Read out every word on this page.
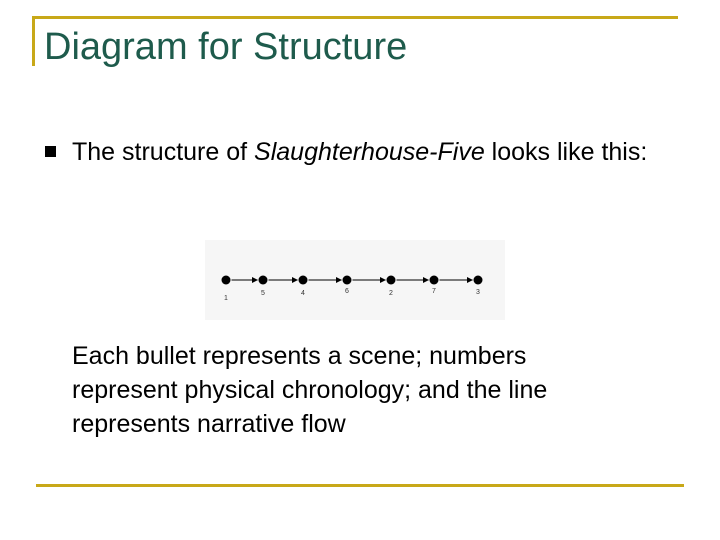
Diagram for Structure
The structure of Slaughterhouse-Five looks like this:
1
5	4	6	2	7	3
Each bullet represents a scene; numbers
represent physical chronology; and the line
represents narrative flow
